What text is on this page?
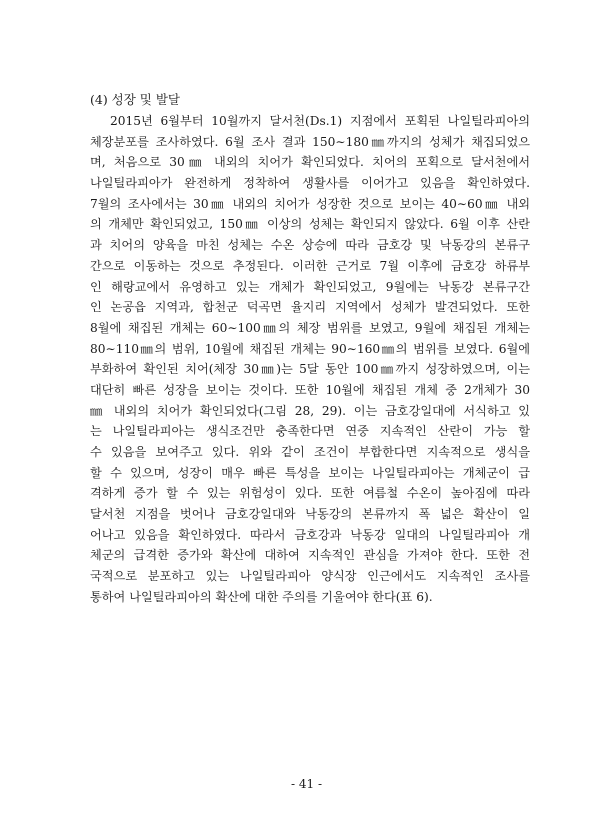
(4) 성장 및 발달
2015년 6월부터 10월까지 달서천(Ds.1) 지점에서 포획된 나일틸라피아의
체장분포를 조사하였다. 6월 조사 결과 150∼180㎜까지의 성체가 채집되었으
며, 처음으로 30㎜ 내외의 치어가 확인되었다. 치어의 포획으로 달서천에서
나일틸라피아가 완전하게 정착하여 생활사를 이어가고 있음을 확인하였다.
7월의 조사에서는 30㎜ 내외의 치어가 성장한 것으로 보이는 40∼60㎜ 내외
의 개체만 확인되었고, 150㎜ 이상의 성체는 확인되지 않았다. 6월 이후 산란
과 치어의 양육을 마친 성체는 수온 상승에 따라 금호강 및 낙동강의 본류구
간으로 이동하는 것으로 추정된다. 이러한 근거로 7월 이후에 금호강 하류부
인 해랑교에서 유영하고 있는 개체가 확인되었고, 9월에는 낙동강 본류구간
인 논공읍 지역과, 합천군 덕곡면 율지리 지역에서 성체가 발견되었다. 또한
8월에 채집된 개체는 60∼100㎜의 체장 범위를 보였고, 9월에 채집된 개체는
80∼110㎜의 범위, 10월에 채집된 개체는 90∼160㎜의 범위를 보였다. 6월에
부화하여 확인된 치어(체장 30㎜)는 5달 동안 100㎜까지 성장하였으며, 이는
대단히 빠른 성장을 보이는 것이다. 또한 10월에 채집된 개체 중 2개체가 30
㎜ 내외의 치어가 확인되었다(그림 28, 29). 이는 금호강일대에 서식하고 있
는 나일틸라피아는 생식조건만 충족한다면 연중 지속적인 산란이 가능 할
수 있음을 보여주고 있다. 위와 같이 조건이 부합한다면 지속적으로 생식을
할 수 있으며, 성장이 매우 빠른 특성을 보이는 나일틸라피아는 개체군이 급
격하게 증가 할 수 있는 위험성이 있다. 또한 여름철 수온이 높아짐에 따라
달서천 지점을 벗어나 금호강일대와 낙동강의 본류까지 폭 넓은 확산이 일
어나고 있음을 확인하였다. 따라서 금호강과 낙동강 일대의 나일틸라피아 개
체군의 급격한 증가와 확산에 대하여 지속적인 관심을 가져야 한다. 또한 전
국적으로 분포하고 있는 나일틸라피아 양식장 인근에서도 지속적인 조사를
통하여 나일틸라피아의 확산에 대한 주의를 기울여야 한다(표 6).
- 41 -
